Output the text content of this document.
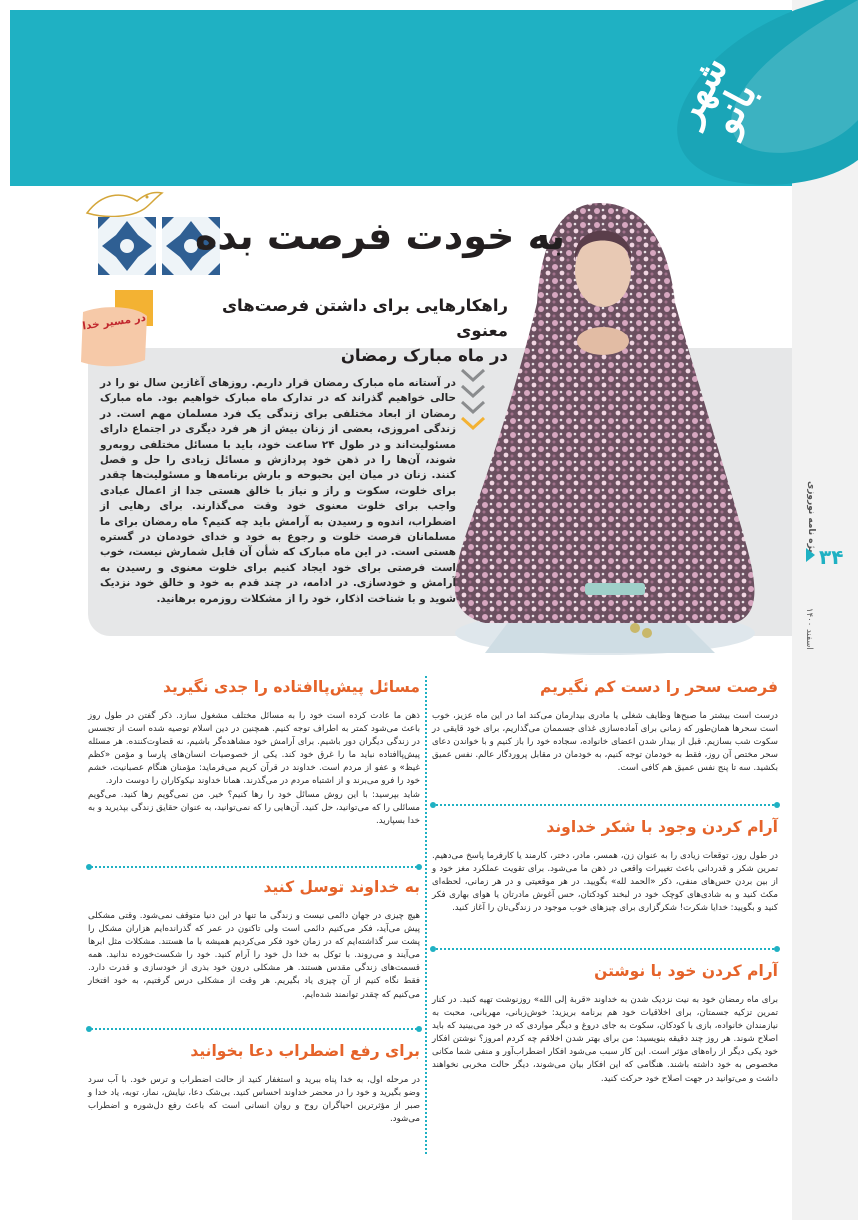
شهر بانو
ویژه نامه نوروزی ۳۴
اسفند ۱۴۰۰
در مسیر خدا
به خودت فرصت بده
راهکارهایی برای داشتن فرصت‌های معنوی
در ماه مبارک رمضان

در آستانه ماه مبارک رمضان قرار داریم. روزهای آغازین سال نو را در حالی خواهیم گذراند که در تدارک ماه مبارک خواهیم بود. ماه مبارک رمضان از ابعاد مختلفی برای زندگی یک فرد مسلمان مهم است. در زندگی امروزی، بعضی از زنان بیش از هر فرد دیگری در اجتماع دارای مسئولیت‌اند و در طول ۲۴ ساعت خود، باید با مسائل مختلفی روبه‌رو شوند، آن‌ها را در ذهن خود پردازش و مسائل زیادی را حل و فصل کنند. زنان در میان این بحبوحه و بارش برنامه‌ها و مسئولیت‌ها چقدر برای خلوت، سکوت و راز و نیاز با خالق هستی جدا از اعمال عبادی واجب برای خلوت معنوی خود وقت می‌گذارند. برای رهایی از اضطراب، اندوه و رسیدن به آرامش باید چه کنیم؟ ماه رمضان برای ما مسلمانان فرصت خلوت و رجوع به خود و خدای خودمان در گستره هستی است. در این ماه مبارک که شأن آن قابل شمارش نیست، خوب است فرصتی برای خود ایجاد کنیم برای خلوت معنوی و رسیدن به آرامش و خودسازی. در ادامه، در چند قدم به خود و خالق خود نزدیک شوید و با شناخت اذکار، خود را از مشکلات روزمره برهانید.

فرصت سحر را دست کم نگیریم

درست است بیشتر ما صبح‌ها وظایف شغلی یا مادری بیدارمان می‌کند اما در این ماه عزیز، خوب است سحرها همان‌طور که زمانی برای آماده‌سازی غذای جسممان می‌گذاریم، برای خود قایقی در سکوت شب بسازیم. قبل از بیدار شدن اعضای خانواده، سجاده خود را باز کنیم و با خواندن دعای سحر مختص آن روز، فقط به خودمان توجه کنیم، به خودمان در مقابل پروردگار عالم. نفس عمیق بکشید. سه تا پنج نفس عمیق هم کافی است.

آرام کردن وجود با شکر خداوند

در طول روز، توقعات زیادی را به عنوان زن، همسر، مادر، دختر، کارمند یا کارفرما پاسخ می‌دهیم. تمرین شکر و قدردانی باعث تغییرات واقعی در ذهن ما می‌شود. برای تقویت عملکرد مغز خود و از بین بردن حس‌های منفی، ذکر «الحمد لله» بگویید. در هر موقعیتی و در هر زمانی، لحظه‌ای مکث کنید و به شادی‌های کوچک خود در لبخند کودکتان، حس آغوش مادرتان یا هوای بهاری فکر کنید و بگویید: خدایا شکرت! شکرگزاری برای چیزهای خوب موجود در زندگی‌تان را آغاز کنید.

آرام کردن خود با نوشتن

برای ماه رمضان خود به نیت نزدیک شدن به خداوند «قربة إلی الله» روزنوشت تهیه کنید. در کنار تمرین تزکیه جسمتان، برای اخلاقیات خود هم برنامه بریزید: خوش‌زبانی، مهربانی، محبت به نیازمندان خانواده، بازی با کودکان، سکوت به جای دروغ و دیگر مواردی که در خود می‌بینید که باید اصلاح شوند. هر روز چند دقیقه بنویسید: من برای بهتر شدن اخلاقم چه کردم امروز؟ نوشتن افکار خود یکی دیگر از راه‌های مؤثر است. این کار سبب می‌شود افکار اضطراب‌آور و منفی شما مکانی مخصوص به خود داشته باشند. هنگامی که این افکار بیان می‌شوند، دیگر حالت مخربی نخواهند داشت و می‌توانید در جهت اصلاح خود حرکت کنید.

مسائل پیش‌پاافتاده را جدی نگیرید

ذهن ما عادت کرده است خود را به مسائل مختلف مشغول سازد. ذکر گفتن در طول روز باعث می‌شود کمتر به اطراف توجه کنیم. همچنین در دین اسلام توصیه شده است از تجسس در زندگی دیگران دور باشیم. برای آرامش خود مشاهده‌گر باشیم، نه قضاوت‌کننده. هر مسئله پیش‌پاافتاده نباید ما را غرق خود کند. یکی از خصوصیات انسان‌های پارسا و مؤمن «کظم غیظ» و عفو از مردم است. خداوند در قرآن کریم می‌فرماید: مؤمنان هنگام عصبانیت، خشم خود را فرو می‌برند و از اشتباه مردم در می‌گذرند. همانا خداوند نیکوکاران را دوست دارد.
شاید بپرسید: با این روش مسائل خود را رها کنیم؟ خیر. من نمی‌گویم رها کنید. می‌گویم مسائلی را که می‌توانید، حل کنید. آن‌هایی را که نمی‌توانید، به عنوان حقایق زندگی بپذیرید و به خدا بسپارید.

به خداوند توسل کنید

هیچ چیزی در جهان دائمی نیست و زندگی ما تنها در این دنیا متوقف نمی‌شود. وقتی مشکلی پیش می‌آید، فکر می‌کنیم دائمی است ولی تاکنون در عمر که گذرانده‌ایم هزاران مشکل را پشت سر گذاشته‌ایم که در زمان خود فکر می‌کردیم همیشه با ما هستند. مشکلات مثل ابرها می‌آیند و می‌روند. با توکل به خدا دل خود را آرام کنید. خود را شکست‌خورده ندانید. همه قسمت‌های زندگی مقدس هستند. هر مشکلی درون خود بذری از خودسازی و قدرت دارد. فقط نگاه کنیم از آن چیزی یاد بگیریم. هر وقت از مشکلی درس گرفتیم، به خود افتخار می‌کنیم که چقدر توانمند شده‌ایم.

برای رفع اضطراب دعا بخوانید

در مرحله اول، به خدا پناه ببرید و استغفار کنید از حالت اضطراب و ترس خود. با آب سرد وضو بگیرید و خود را در محضر خداوند احساس کنید. بی‌شک دعا، نیایش، نماز، توبه، یاد خدا و صبر از مؤثرترین احیاگران روح و روان انسانی است که باعث رفع دل‌شوره و اضطراب می‌شود.
